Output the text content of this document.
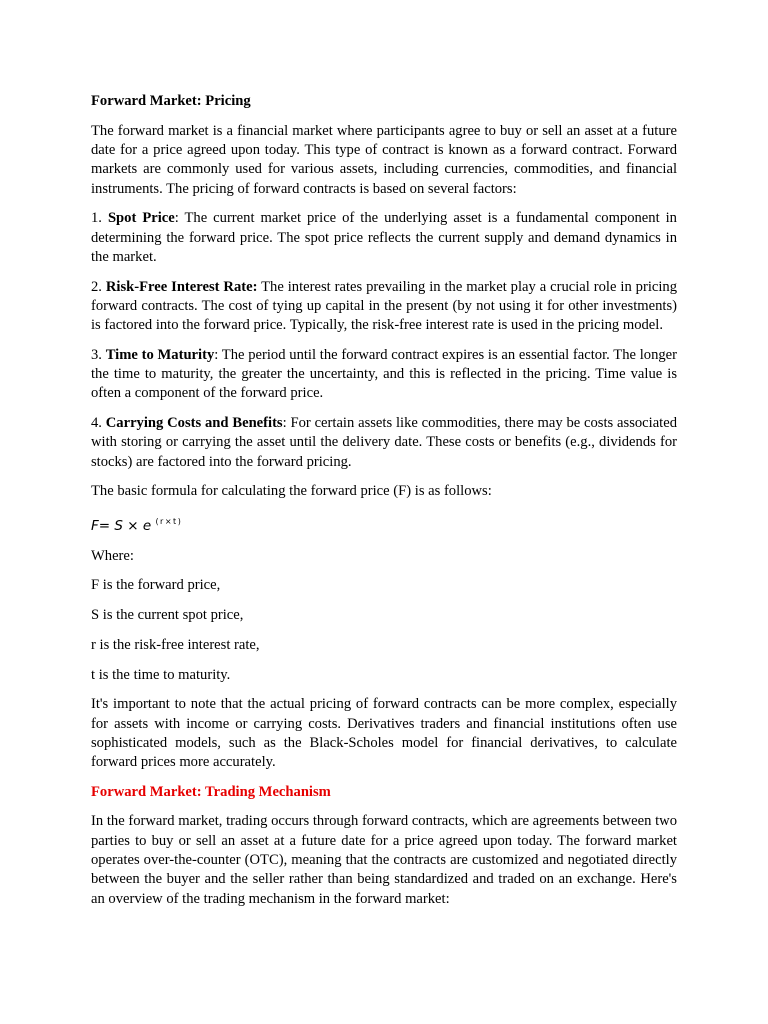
Forward Market: Pricing

The forward market is a financial market where participants agree to buy or sell an asset at a future date for a price agreed upon today. This type of contract is known as a forward contract. Forward markets are commonly used for various assets, including currencies, commodities, and financial instruments. The pricing of forward contracts is based on several factors:

1. Spot Price: The current market price of the underlying asset is a fundamental component in determining the forward price. The spot price reflects the current supply and demand dynamics in the market.

2. Risk-Free Interest Rate: The interest rates prevailing in the market play a crucial role in pricing forward contracts. The cost of tying up capital in the present (by not using it for other investments) is factored into the forward price. Typically, the risk-free interest rate is used in the pricing model.

3. Time to Maturity: The period until the forward contract expires is an essential factor. The longer the time to maturity, the greater the uncertainty, and this is reflected in the pricing. Time value is often a component of the forward price.

4. Carrying Costs and Benefits: For certain assets like commodities, there may be costs associated with storing or carrying the asset until the delivery date. These costs or benefits (e.g., dividends for stocks) are factored into the forward pricing.

The basic formula for calculating the forward price (F) is as follows:

F= S × e $^{(r\times t)}$

Where:

F is the forward price,

S is the current spot price,

r is the risk-free interest rate,

t is the time to maturity.

It's important to note that the actual pricing of forward contracts can be more complex, especially for assets with income or carrying costs. Derivatives traders and financial institutions often use sophisticated models, such as the Black-Scholes model for financial derivatives, to calculate forward prices more accurately.

Forward Market: Trading Mechanism

In the forward market, trading occurs through forward contracts, which are agreements between two parties to buy or sell an asset at a future date for a price agreed upon today. The forward market operates over-the-counter (OTC), meaning that the contracts are customized and negotiated directly between the buyer and the seller rather than being standardized and traded on an exchange. Here's an overview of the trading mechanism in the forward market:
